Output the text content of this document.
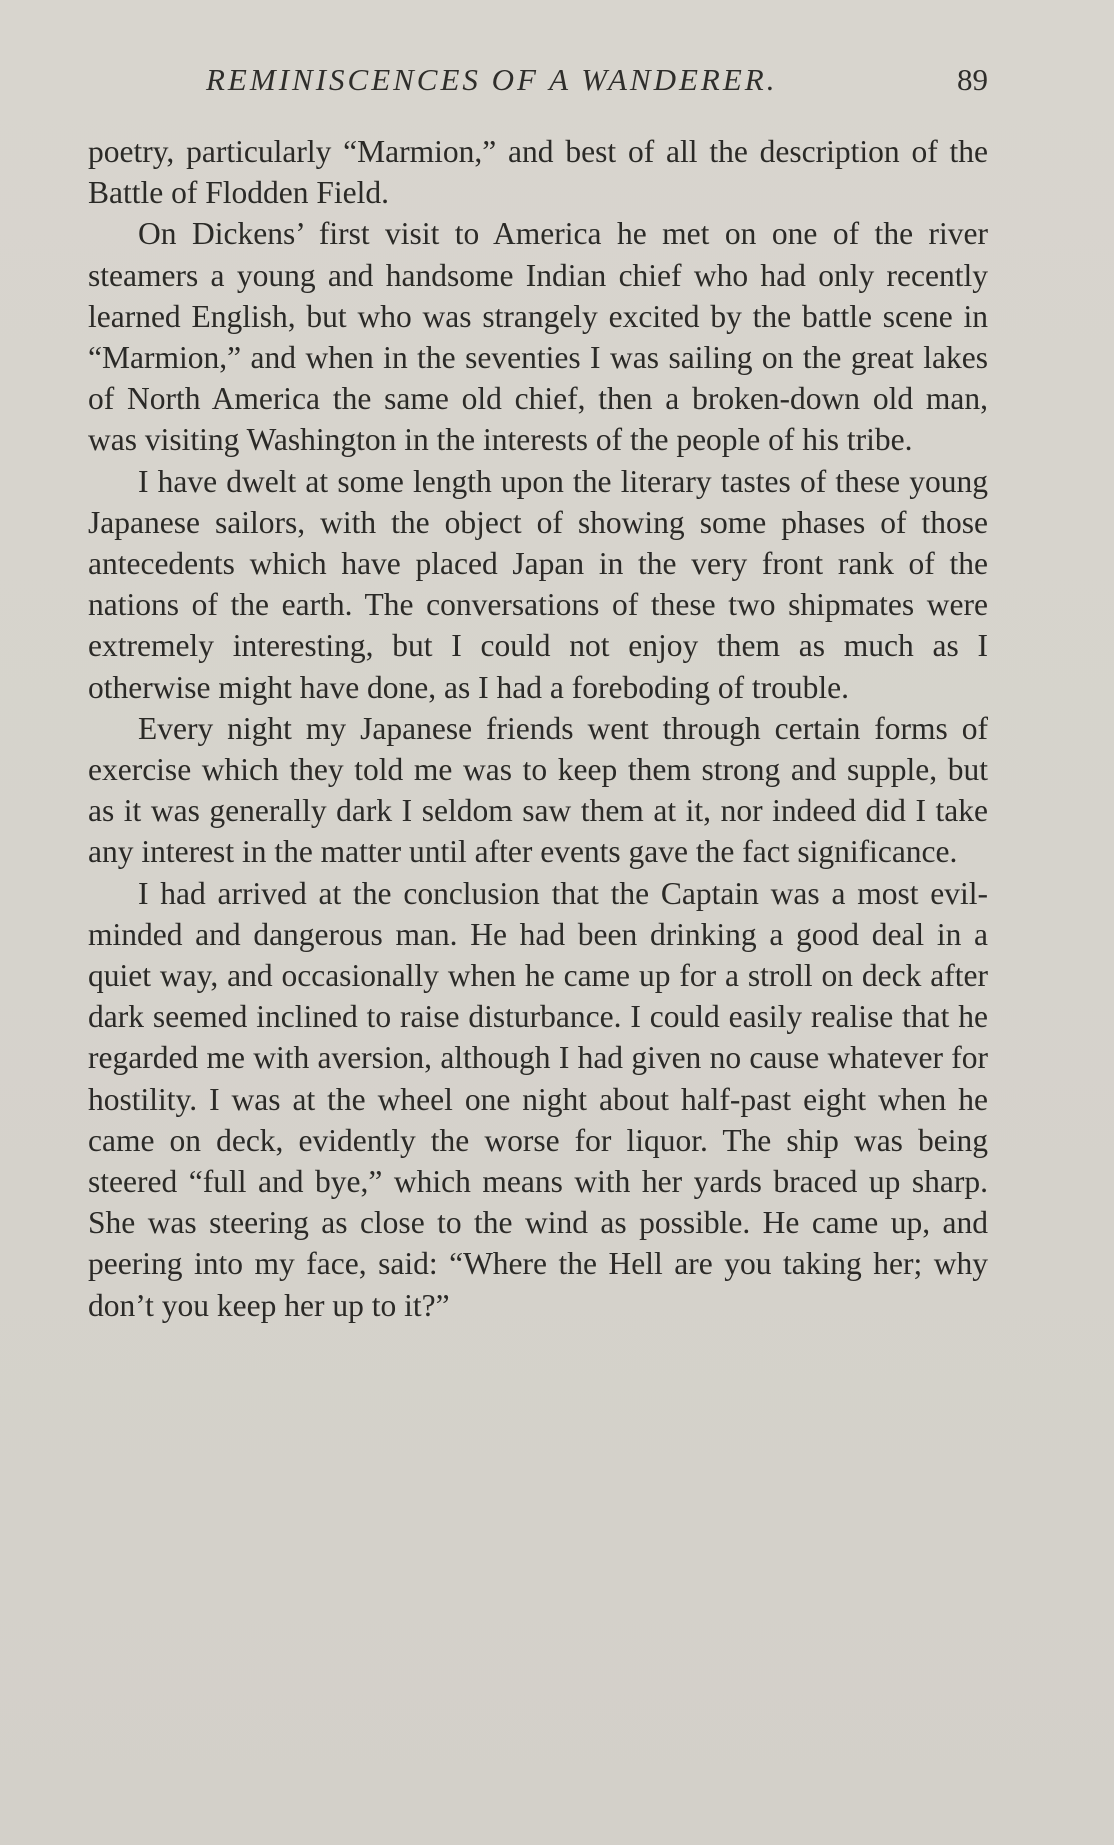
REMINISCENCES OF A WANDERER.	89

poetry, particularly “Marmion,” and best of all the description of the Battle of Flodden Field.

On Dickens’ first visit to America he met on one of the river steamers a young and handsome Indian chief who had only recently learned English, but who was strangely excited by the battle scene in “Marmion,” and when in the seventies I was sailing on the great lakes of North America the same old chief, then a broken-down old man, was visiting Washington in the interests of the people of his tribe.

I have dwelt at some length upon the literary tastes of these young Japanese sailors, with the object of showing some phases of those antecedents which have placed Japan in the very front rank of the nations of the earth. The conversations of these two shipmates were extremely interesting, but I could not enjoy them as much as I otherwise might have done, as I had a foreboding of trouble.

Every night my Japanese friends went through certain forms of exercise which they told me was to keep them strong and supple, but as it was generally dark I seldom saw them at it, nor indeed did I take any interest in the matter until after events gave the fact significance.

I had arrived at the conclusion that the Captain was a most evil-minded and dangerous man. He had been drinking a good deal in a quiet way, and occasionally when he came up for a stroll on deck after dark seemed inclined to raise disturbance. I could easily realise that he regarded me with aversion, although I had given no cause whatever for hostility. I was at the wheel one night about half-past eight when he came on deck, evidently the worse for liquor. The ship was being steered “full and bye,” which means with her yards braced up sharp. She was steering as close to the wind as possible. He came up, and peering into my face, said: “Where the Hell are you taking her; why don’t you keep her up to it?”
